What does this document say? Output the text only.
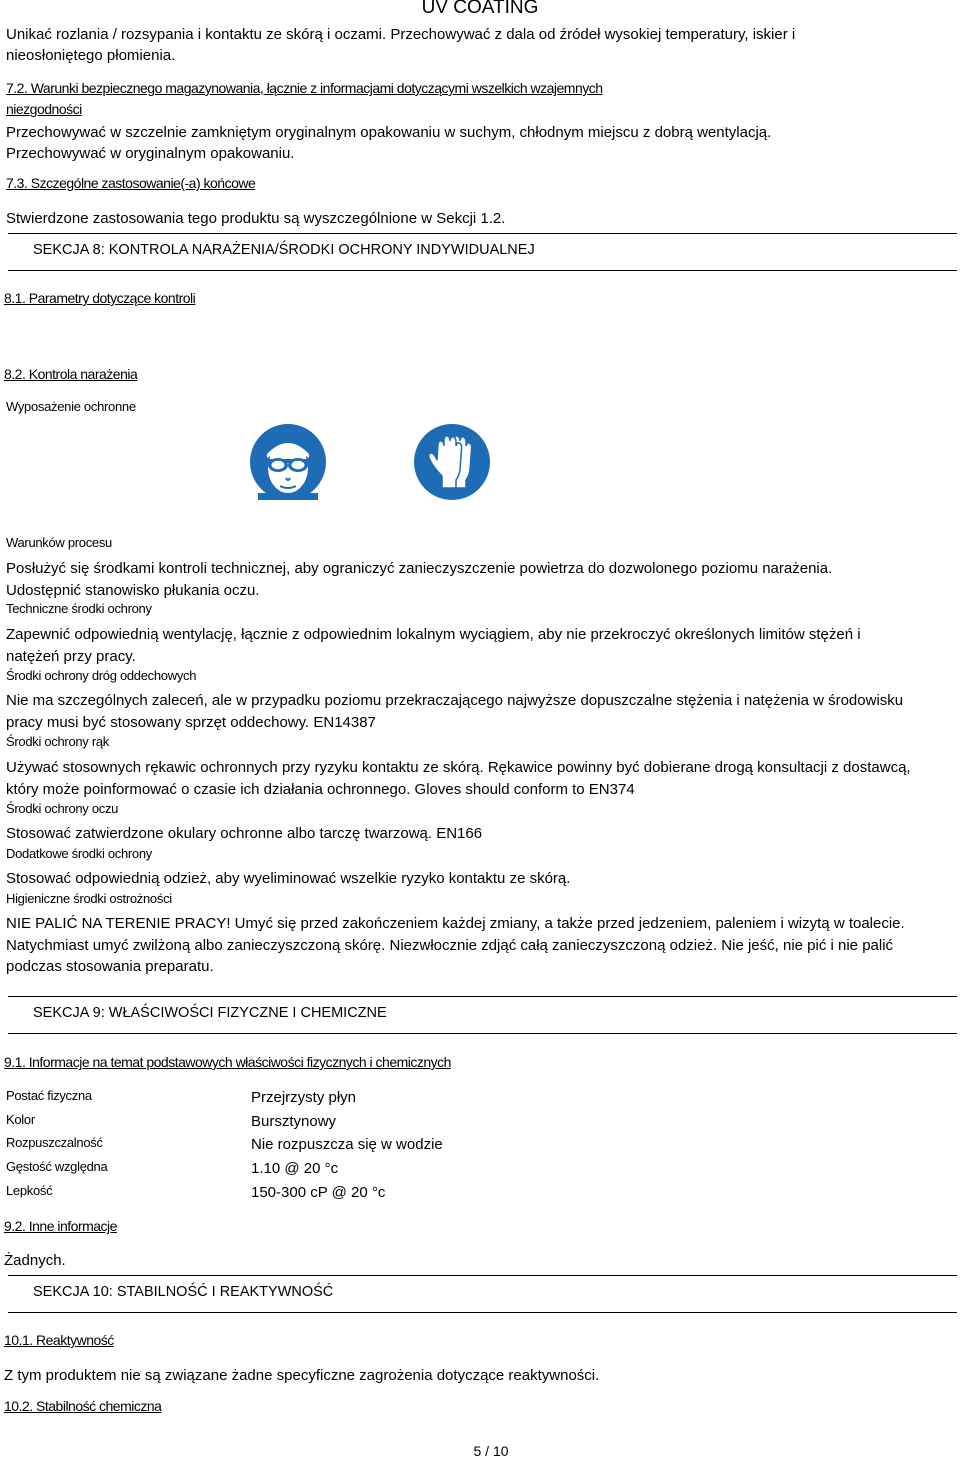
UV COATING
Unikać rozlania / rozsypania i kontaktu ze skórą i oczami. Przechowywać z dala od źródeł wysokiej temperatury, iskier i
nieosłoniętego płomienia.
7.2. Warunki bezpiecznego magazynowania, łącznie z informacjami dotyczącymi wszelkich wzajemnych
niezgodności
Przechowywać w szczelnie zamkniętym oryginalnym opakowaniu w suchym, chłodnym miejscu z dobrą wentylacją.
Przechowywać w oryginalnym opakowaniu.
7.3. Szczególne zastosowanie(-a) końcowe
Stwierdzone zastosowania tego produktu są wyszczególnione w Sekcji 1.2.
SEKCJA 8: KONTROLA NARAŻENIA/ŚRODKI OCHRONY INDYWIDUALNEJ
8.1. Parametry dotyczące kontroli
8.2. Kontrola narażenia
Wyposażenie ochronne
Warunków procesu
Posłużyć się środkami kontroli technicznej, aby ograniczyć zanieczyszczenie powietrza do dozwolonego poziomu narażenia. Udostępnić stanowisko płukania oczu.
Techniczne środki ochrony
Zapewnić odpowiednią wentylację, łącznie z odpowiednim lokalnym wyciągiem, aby nie przekroczyć określonych limitów stężeń i natężeń przy pracy.
Środki ochrony dróg oddechowych
Nie ma szczególnych zaleceń, ale w przypadku poziomu przekraczającego najwyższe dopuszczalne stężenia i natężenia w środowisku pracy musi być stosowany sprzęt oddechowy. EN14387
Środki ochrony rąk
Używać stosownych rękawic ochronnych przy ryzyku kontaktu ze skórą. Rękawice powinny być dobierane drogą konsultacji z dostawcą, który może poinformować o czasie ich działania ochronnego. Gloves should conform to EN374
Środki ochrony oczu
Stosować zatwierdzone okulary ochronne albo tarczę twarzową. EN166
Dodatkowe środki ochrony
Stosować odpowiednią odzież, aby wyeliminować wszelkie ryzyko kontaktu ze skórą.
Higieniczne środki ostrożności
NIE PALIĆ NA TERENIE PRACY! Umyć się przed zakończeniem każdej zmiany, a także przed jedzeniem, paleniem i wizytą w toalecie. Natychmiast umyć zwilżoną albo zanieczyszczoną skórę. Niezwłocznie zdjąć całą zanieczyszczoną odzież. Nie jeść, nie pić i nie palić podczas stosowania preparatu.
SEKCJA 9: WŁAŚCIWOŚCI FIZYCZNE I CHEMICZNE
9.1. Informacje na temat podstawowych właściwości fizycznych i chemicznych
Postać fizyczna	Przejrzysty płyn
Kolor	Bursztynowy
Rozpuszczalność	Nie rozpuszcza się w wodzie
Gęstość względna	1.10 @ 20 °c
Lepkość	150-300 cP @ 20 °c
9.2. Inne informacje
Żadnych.
SEKCJA 10: STABILNOŚĆ I REAKTYWNOŚĆ
10.1. Reaktywność
Z tym produktem nie są związane żadne specyficzne zagrożenia dotyczące reaktywności.
10.2. Stabilność chemiczna
5 / 10
